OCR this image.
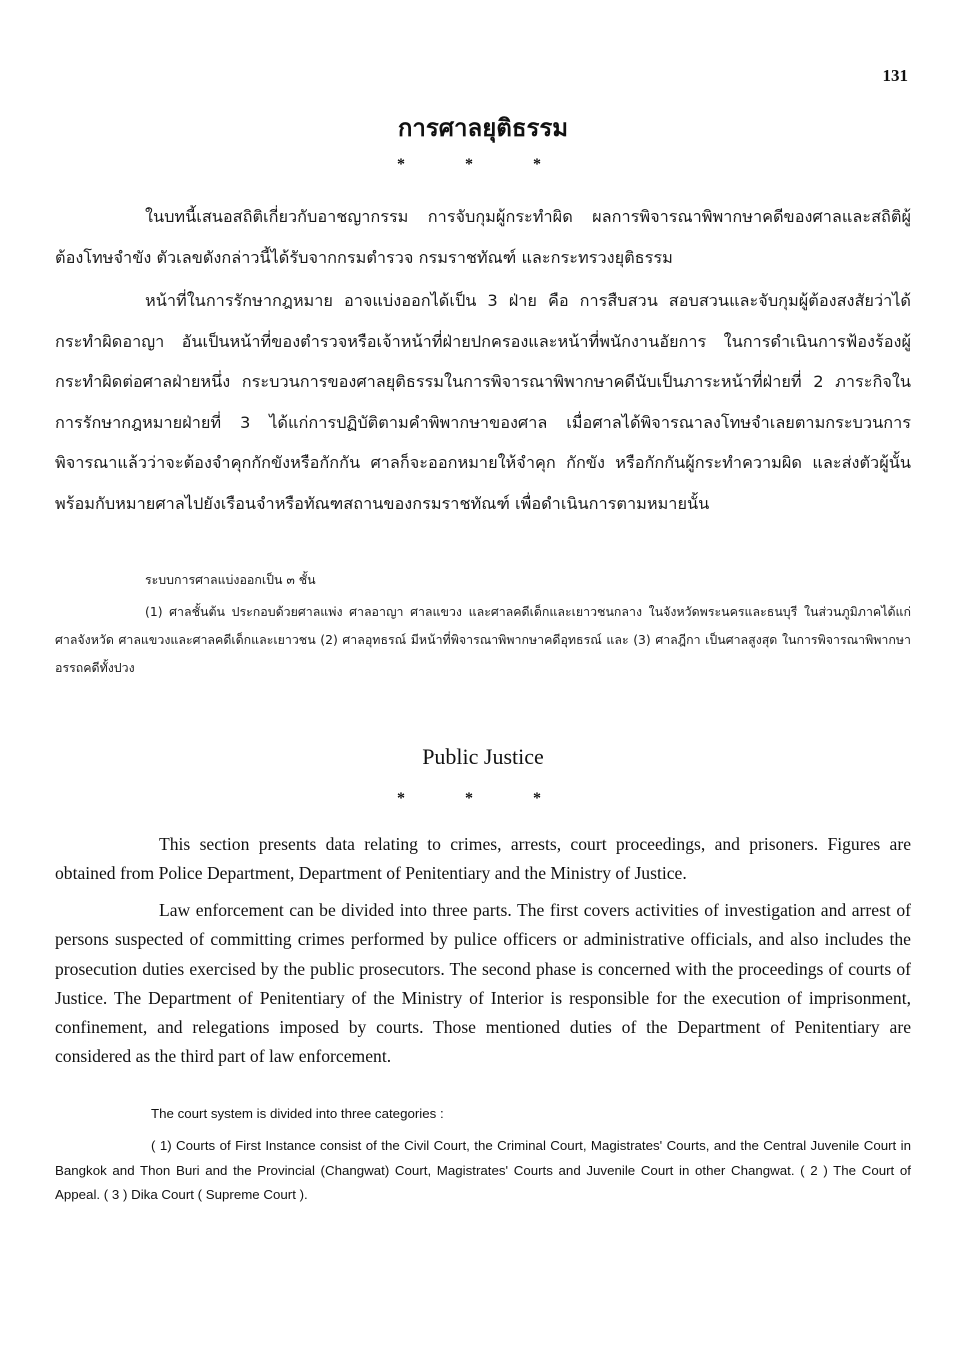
131
การศาลยุติธรรม
* * *

ในบทนี้เสนอสถิติเกี่ยวกับอาชญากรรม การจับกุมผู้กระทำผิด ผลการพิจารณาพิพากษาคดีของศาลและสถิติผู้ต้องโทษจำขัง ตัวเลขดังกล่าวนี้ได้รับจากกรมตำรวจ กรมราชทัณฑ์ และกระทรวงยุติธรรม

หน้าที่ในการรักษากฎหมาย อาจแบ่งออกได้เป็น 3 ฝ่าย คือ การสืบสวน สอบสวนและจับกุมผู้ต้องสงสัยว่าได้กระทำผิดอาญา อันเป็นหน้าที่ของตำรวจหรือเจ้าหน้าที่ฝ่ายปกครองและหน้าที่พนักงานอัยการ ในการดำเนินการฟ้องร้องผู้กระทำผิดต่อศาลฝ่ายหนึ่ง กระบวนการของศาลยุติธรรมในการพิจารณาพิพากษาคดีนับเป็นภาระหน้าที่ฝ่ายที่ 2 ภาระกิจในการรักษากฎหมายฝ่ายที่ 3 ได้แก่การปฏิบัติตามคำพิพากษาของศาล เมื่อศาลได้พิจารณาลงโทษจำเลยตามกระบวนการพิจารณาแล้วว่าจะต้องจำคุกกักขังหรือกักกัน ศาลก็จะออกหมายให้จำคุก กักขัง หรือกักกันผู้กระทำความผิด และส่งตัวผู้นั้นพร้อมกับหมายศาลไปยังเรือนจำหรือทัณฑสถานของกรมราชทัณฑ์ เพื่อดำเนินการตามหมายนั้น

ระบบการศาลแบ่งออกเป็น ๓ ชั้น

(1) ศาลชั้นต้น ประกอบด้วยศาลแพ่ง ศาลอาญา ศาลแขวง และศาลคดีเด็กและเยาวชนกลาง ในจังหวัดพระนครและธนบุรี ในส่วนภูมิภาคได้แก่ศาลจังหวัด ศาลแขวงและศาลคดีเด็กและเยาวชน (2) ศาลอุทธรณ์ มีหน้าที่พิจารณาพิพากษาคดีอุทธรณ์ และ (3) ศาลฎีกา เป็นศาลสูงสุด ในการพิจารณาพิพากษาอรรถคดีทั้งปวง

Public Justice
* * *

This section presents data relating to crimes, arrests, court proceedings, and prisoners. Figures are obtained from Police Department, Department of Penitentiary and the Ministry of Justice.

Law enforcement can be divided into three parts. The first covers activities of investigation and arrest of persons suspected of committing crimes performed by pulice officers or administrative officials, and also includes the prosecution duties exercised by the public prosecutors. The second phase is concerned with the proceedings of courts of Justice. The Department of Penitentiary of the Ministry of Interior is responsible for the execution of imprisonment, confinement, and relegations imposed by courts. Those mentioned duties of the Department of Penitentiary are considered as the third part of law enforcement.

The court system is divided into three categories :

( 1) Courts of First Instance consist of the Civil Court, the Criminal Court, Magistrates' Courts, and the Central Juvenile Court in Bangkok and Thon Buri and the Provincial (Changwat) Court, Magistrates' Courts and Juvenile Court in other Changwat. ( 2 ) The Court of Appeal. ( 3 ) Dika Court ( Supreme Court ).
